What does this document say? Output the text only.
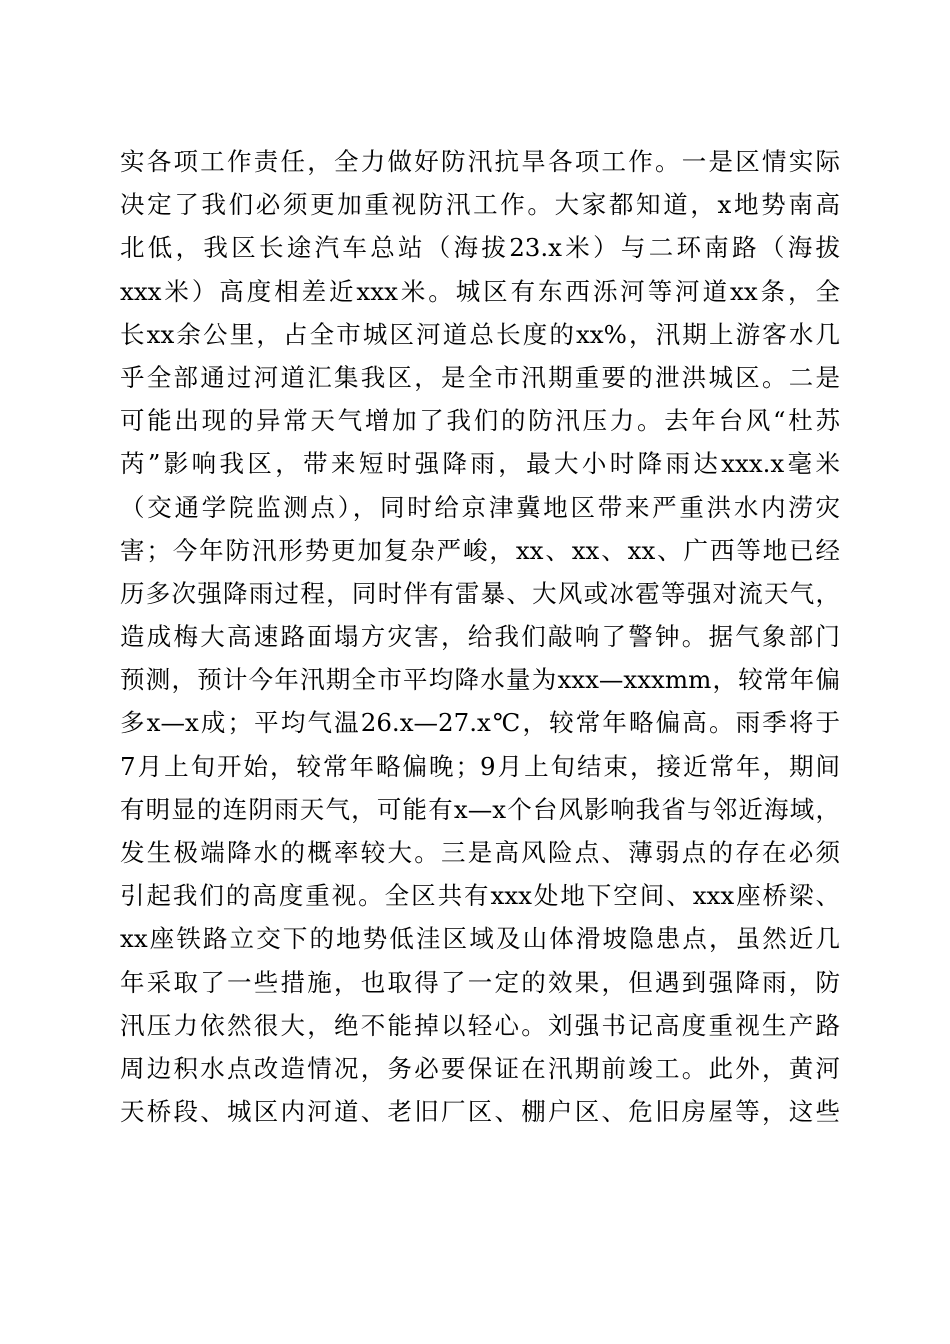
实各项工作责任，全力做好防汛抗旱各项工作。一是区情实际
决定了我们必须更加重视防汛工作。大家都知道，x地势南高
北低，我区长途汽车总站（海拔23.x米）与二环南路（海拔
xxx米）高度相差近xxx米。城区有东西泺河等河道xx条，全
长xx余公里，占全市城区河道总长度的xx%，汛期上游客水几
乎全部通过河道汇集我区，是全市汛期重要的泄洪城区。二是
可能出现的异常天气增加了我们的防汛压力。去年台风“杜苏
芮”影响我区，带来短时强降雨，最大小时降雨达xxx.x毫米
（交通学院监测点），同时给京津冀地区带来严重洪水内涝灾
害；今年防汛形势更加复杂严峻，xx、xx、xx、广西等地已经
历多次强降雨过程，同时伴有雷暴、大风或冰雹等强对流天气，
造成梅大高速路面塌方灾害，给我们敲响了警钟。据气象部门
预测，预计今年汛期全市平均降水量为xxx—xxxmm，较常年偏
多x—x成；平均气温26.x—27.x℃，较常年略偏高。雨季将于
7月上旬开始，较常年略偏晚；9月上旬结束，接近常年，期间
有明显的连阴雨天气，可能有x—x个台风影响我省与邻近海域，
发生极端降水的概率较大。三是高风险点、薄弱点的存在必须
引起我们的高度重视。全区共有xxx处地下空间、xxx座桥梁、
xx座铁路立交下的地势低洼区域及山体滑坡隐患点，虽然近几
年采取了一些措施，也取得了一定的效果，但遇到强降雨，防
汛压力依然很大，绝不能掉以轻心。刘强书记高度重视生产路
周边积水点改造情况，务必要保证在汛期前竣工。此外，黄河
天桥段、城区内河道、老旧厂区、棚户区、危旧房屋等，这些
